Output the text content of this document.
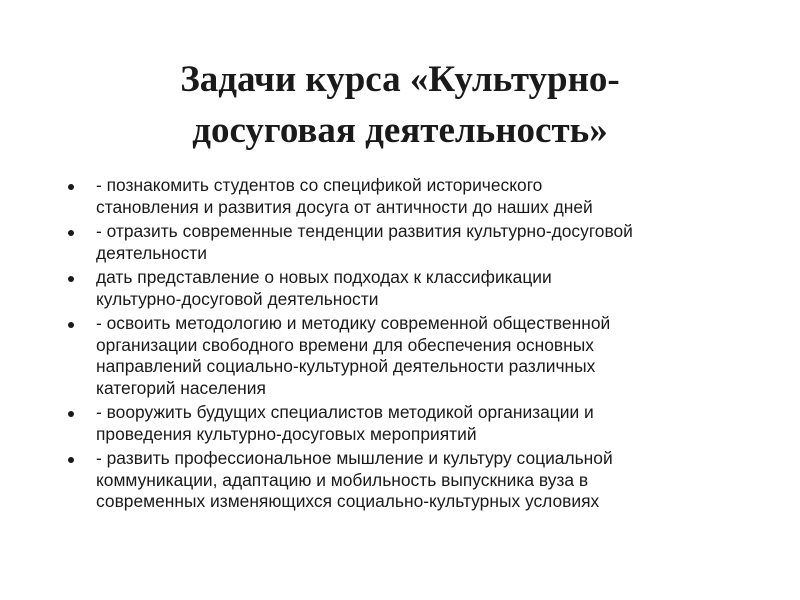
Задачи курса «Культурно-
досуговая деятельность»
- познакомить студентов со спецификой исторического
становления и развития досуга от античности до наших дней
- отразить современные тенденции развития культурно-досуговой
деятельности
дать представление о новых подходах к классификации
культурно-досуговой деятельности
- освоить методологию и методику современной общественной
организации свободного времени для обеспечения основных
направлений социально-культурной деятельности различных
категорий населения
- вооружить будущих специалистов методикой организации и
проведения культурно-досуговых мероприятий
- развить профессиональное мышление и культуру социальной
коммуникации, адаптацию и мобильность выпускника вуза в
современных изменяющихся социально-культурных условиях
